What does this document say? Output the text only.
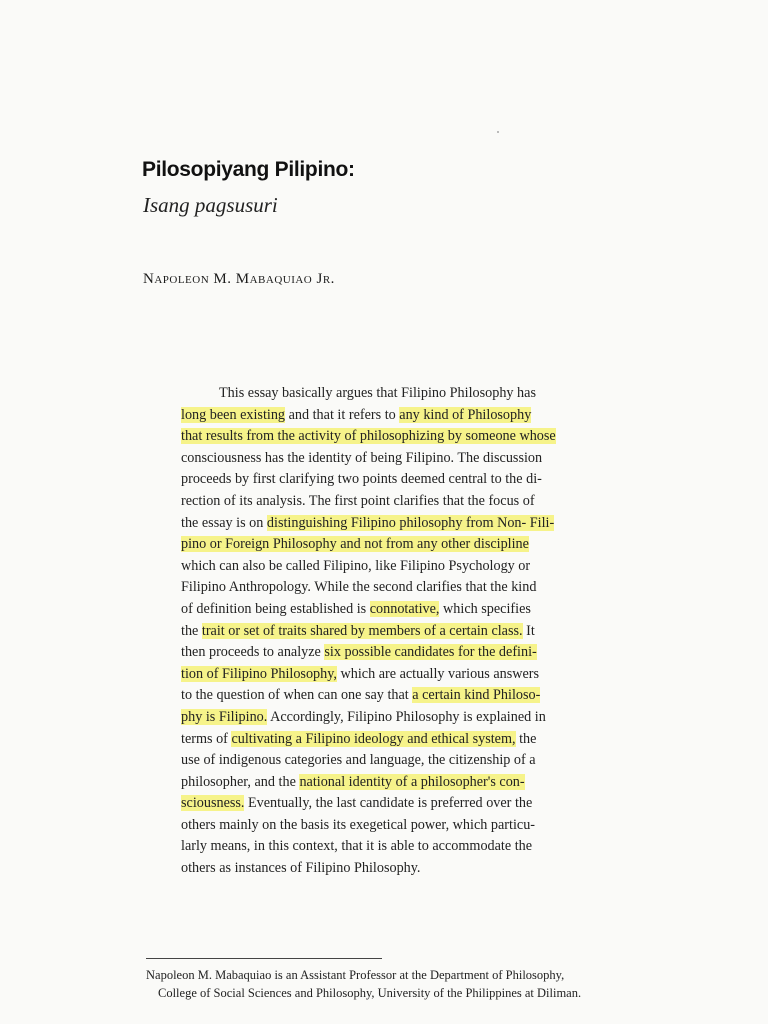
Pilosopiyang Pilipino:
Isang pagsusuri
Napoleon M. Mabaquiao Jr.
This essay basically argues that Filipino Philosophy has
long been existing and that it refers to any kind of Philosophy
that results from the activity of philosophizing by someone whose
consciousness has the identity of being Filipino. The discussion
proceeds by first clarifying two points deemed central to the di-
rection of its analysis. The first point clarifies that the focus of
the essay is on distinguishing Filipino philosophy from Non- Fili-
pino or Foreign Philosophy and not from any other discipline
which can also be called Filipino, like Filipino Psychology or
Filipino Anthropology. While the second clarifies that the kind
of definition being established is connotative, which specifies
the trait or set of traits shared by members of a certain class. It
then proceeds to analyze six possible candidates for the defini-
tion of Filipino Philosophy, which are actually various answers
to the question of when can one say that a certain kind Philoso-
phy is Filipino. Accordingly, Filipino Philosophy is explained in
terms of cultivating a Filipino ideology and ethical system, the
use of indigenous categories and language, the citizenship of a
philosopher, and the national identity of a philosopher's con-
sciousness. Eventually, the last candidate is preferred over the
others mainly on the basis its exegetical power, which particu-
larly means, in this context, that it is able to accommodate the
others as instances of Filipino Philosophy.
Napoleon M. Mabaquiao is an Assistant Professor at the Department of Philosophy,
College of Social Sciences and Philosophy, University of the Philippines at Diliman.
